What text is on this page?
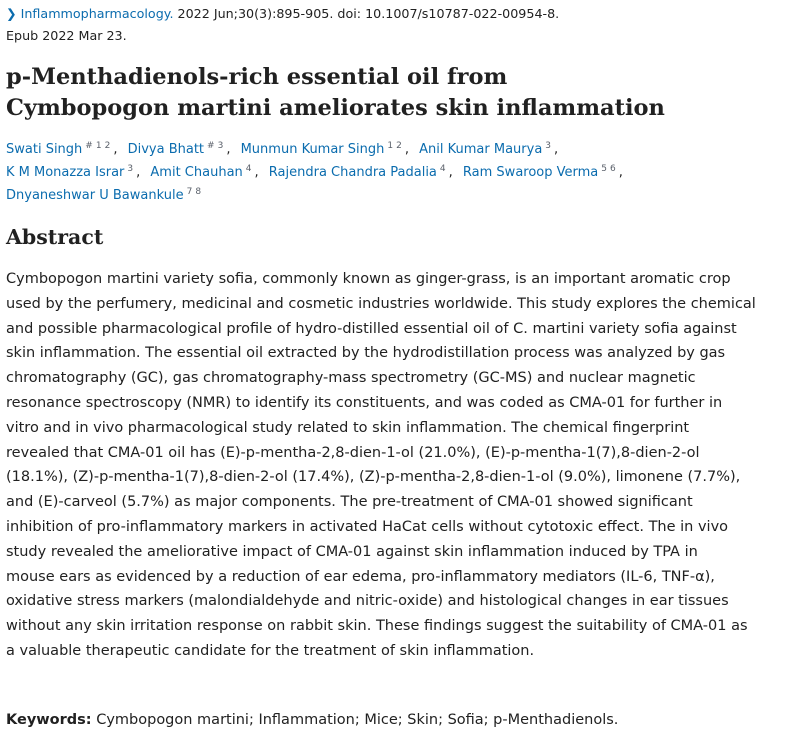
❯ Inflammopharmacology. 2022 Jun;30(3):895-905. doi: 10.1007/s10787-022-00954-8.
Epub 2022 Mar 23.
p-Menthadienols-rich essential oil from
Cymbopogon martini ameliorates skin inflammation
Swati Singh $^{\# 1 2}$ , Divya Bhatt $^{\# 3}$ , Munmun Kumar Singh $^{1 2}$ , Anil Kumar Maurya $^3$ ,
K M Monazza Israr $^3$ , Amit Chauhan $^4$ , Rajendra Chandra Padalia $^4$ , Ram Swaroop Verma $^{5 6}$ ,
Dnyaneshwar U Bawankule $^{7 8}$
Abstract

Cymbopogon martini variety sofia, commonly known as ginger-grass, is an important aromatic crop
used by the perfumery, medicinal and cosmetic industries worldwide. This study explores the chemical
and possible pharmacological profile of hydro-distilled essential oil of C. martini variety sofia against
skin inflammation. The essential oil extracted by the hydrodistillation process was analyzed by gas
chromatography (GC), gas chromatography-mass spectrometry (GC-MS) and nuclear magnetic
resonance spectroscopy (NMR) to identify its constituents, and was coded as CMA-01 for further in
vitro and in vivo pharmacological study related to skin inflammation. The chemical fingerprint
revealed that CMA-01 oil has (E)-p-mentha-2,8-dien-1-ol (21.0%), (E)-p-mentha-1(7),8-dien-2-ol
(18.1%), (Z)-p-mentha-1(7),8-dien-2-ol (17.4%), (Z)-p-mentha-2,8-dien-1-ol (9.0%), limonene (7.7%),
and (E)-carveol (5.7%) as major components. The pre-treatment of CMA-01 showed significant
inhibition of pro-inflammatory markers in activated HaCat cells without cytotoxic effect. The in vivo
study revealed the ameliorative impact of CMA-01 against skin inflammation induced by TPA in
mouse ears as evidenced by a reduction of ear edema, pro-inflammatory mediators (IL-6, TNF-α),
oxidative stress markers (malondialdehyde and nitric-oxide) and histological changes in ear tissues
without any skin irritation response on rabbit skin. These findings suggest the suitability of CMA-01 as
a valuable therapeutic candidate for the treatment of skin inflammation.

Keywords: Cymbopogon martini; Inflammation; Mice; Skin; Sofia; p-Menthadienols.
